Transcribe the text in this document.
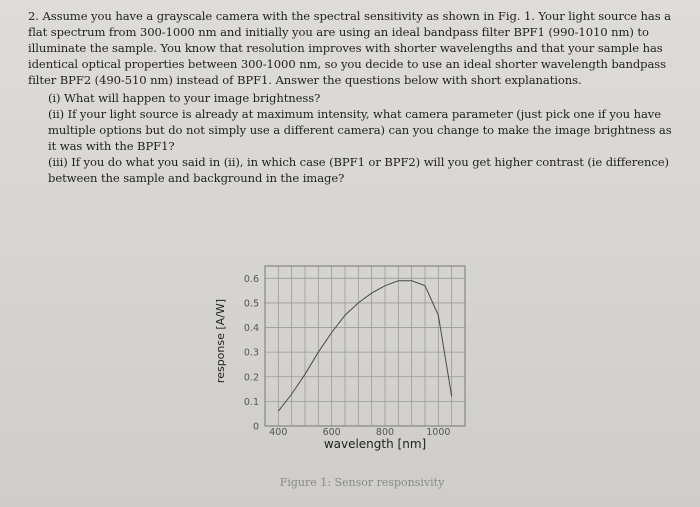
2. Assume you have a grayscale camera with the spectral sensitivity as shown in Fig. 1. Your light source has a flat spectrum from 300-1000 nm and initially you are using an ideal bandpass filter BPF1 (990-1010 nm) to illuminate the sample. You know that resolution improves with shorter wavelengths and that your sample has identical optical properties between 300-1000 nm, so you decide to use an ideal shorter wavelength bandpass filter BPF2 (490-510 nm) instead of BPF1. Answer the questions below with short explanations.

(i) What will happen to your image brightness?

(ii) If your light source is already at maximum intensity, what camera parameter (just pick one if you have multiple options but do not simply use a different camera) can you change to make the image brightness as it was with the BPF1?

(iii) If you do what you said in (ii), in which case (BPF1 or BPF2) will you get higher contrast (ie difference) between the sample and background in the image?

0
0.1
0.2
0.3
0.4
0.5
0.6
400	600	800	1000
wavelength [nm]
response [A/W]
Figure 1: Sensor responsivity
